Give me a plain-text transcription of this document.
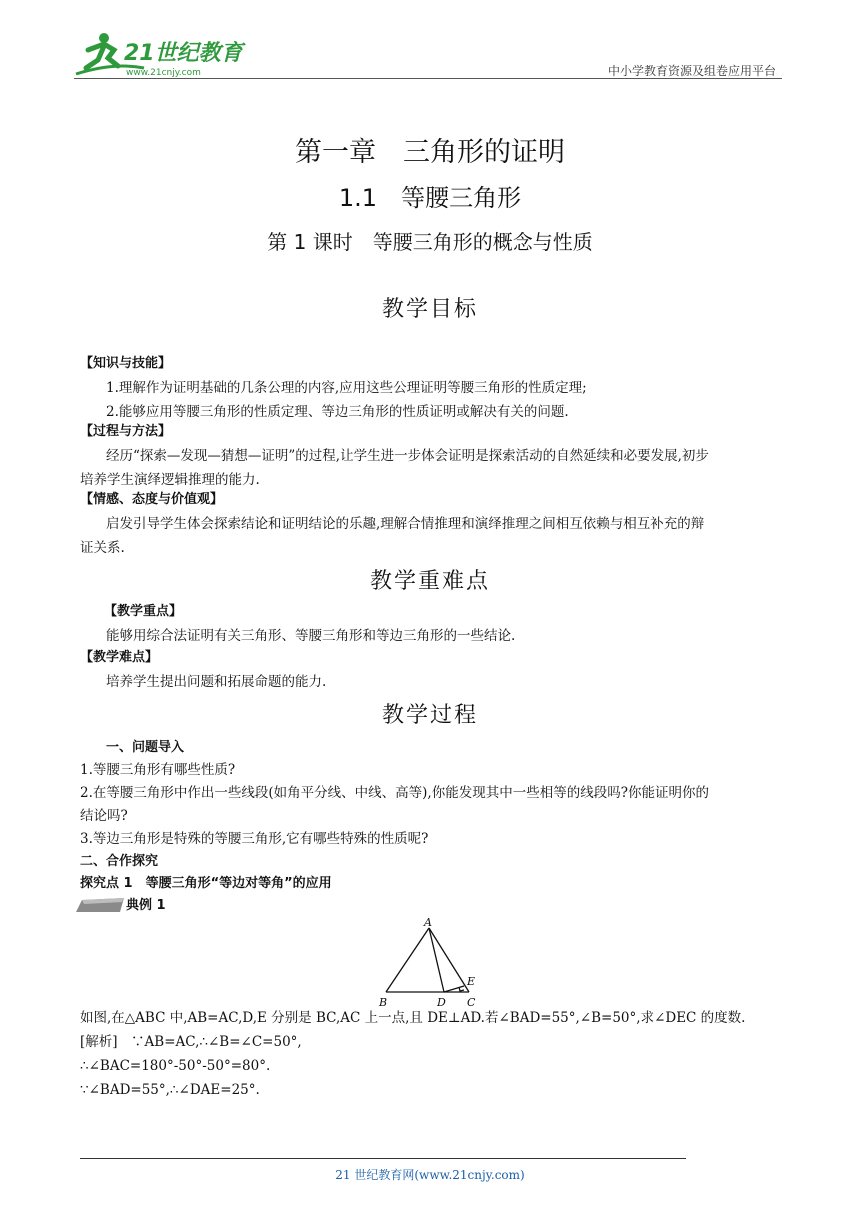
21世纪教育
www.21cnjy.com	中小学教育资源及组卷应用平台
第一章　三角形的证明
1.1　等腰三角形
第 1 课时　等腰三角形的概念与性质
教学目标
【知识与技能】
1.理解作为证明基础的几条公理的内容,应用这些公理证明等腰三角形的性质定理;
2.能够应用等腰三角形的性质定理、等边三角形的性质证明或解决有关的问题.
【过程与方法】
经历“探索—发现—猜想—证明”的过程,让学生进一步体会证明是探索活动的自然延续和必要发展,初步
培养学生演绎逻辑推理的能力.
【情感、态度与价值观】
启发引导学生体会探索结论和证明结论的乐趣,理解合情推理和演绎推理之间相互依赖与相互补充的辩
证关系.
教学重难点
【教学重点】
能够用综合法证明有关三角形、等腰三角形和等边三角形的一些结论.
【教学难点】
培养学生提出问题和拓展命题的能力.
教学过程
一、问题导入
1.等腰三角形有哪些性质?
2.在等腰三角形中作出一些线段(如角平分线、中线、高等),你能发现其中一些相等的线段吗?你能证明你的
结论吗?
3.等边三角形是特殊的等腰三角形,它有哪些特殊的性质呢?
二、合作探究
探究点 1　等腰三角形“等边对等角”的应用
典例 1
A
B	D C
E
如图,在△ABC 中,AB=AC,D,E 分别是 BC,AC 上一点,且 DE⊥AD.若∠BAD=55°,∠B=50°,求∠DEC 的度数.
[解析]　∵AB=AC,∴∠B=∠C=50°,
∴∠BAC=180°-50°-50°=80°.
∵∠BAD=55°,∴∠DAE=25°.
21 世纪教育网(www.21cnjy.com)
